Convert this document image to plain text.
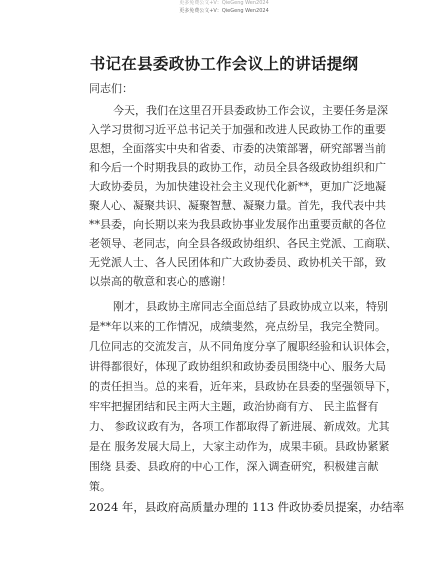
更多免费公文+V：QieGeng Wen2024
更多免费公文+V：QieGeng Wen2024
书记在县委政协工作会议上的讲话提纲
同志们：
今天，我们在这里召开县委政协工作会议，主要任务是深
入学习贯彻习近平总书记关于加强和改进人民政协工作的重要
思想，全面落实中央和省委、市委的决策部署，研究部署当前
和今后一个时期我县的政协工作，动员全县各级政协组织和广
大政协委员，为加快建设社会主义现代化新**，更加广泛地凝
聚人心、凝聚共识、凝聚智慧、凝聚力量。首先，我代表中共
**县委，向长期以来为我县政协事业发展作出重要贡献的各位
老领导、老同志，向全县各级政协组织、各民主党派、工商联、
无党派人士、各人民团体和广大政协委员、政协机关干部，致
以崇高的敬意和衷心的感谢！
刚才，县政协主席同志全面总结了县政协成立以来，特别
是**年以来的工作情况，成绩斐然，亮点纷呈，我完全赞同。
几位同志的交流发言，从不同角度分享了履职经验和认识体会，
讲得都很好，体现了政协组织和政协委员围绕中心、服务大局
的责任担当。总的来看，近年来，县政协在县委的坚强领导下，
牢牢把握团结和民主两大主题，政治协商有方、 民主监督有
力、 参政议政有为，各项工作都取得了新进展、新成效。尤其
是在 服务发展大局上，大家主动作为，成果丰硕。县政协紧紧
围绕 县委、县政府的中心工作，深入调查研究，积极建言献
策。
2024 年，县政府高质量办理的 113 件政协委员提案，办结率
